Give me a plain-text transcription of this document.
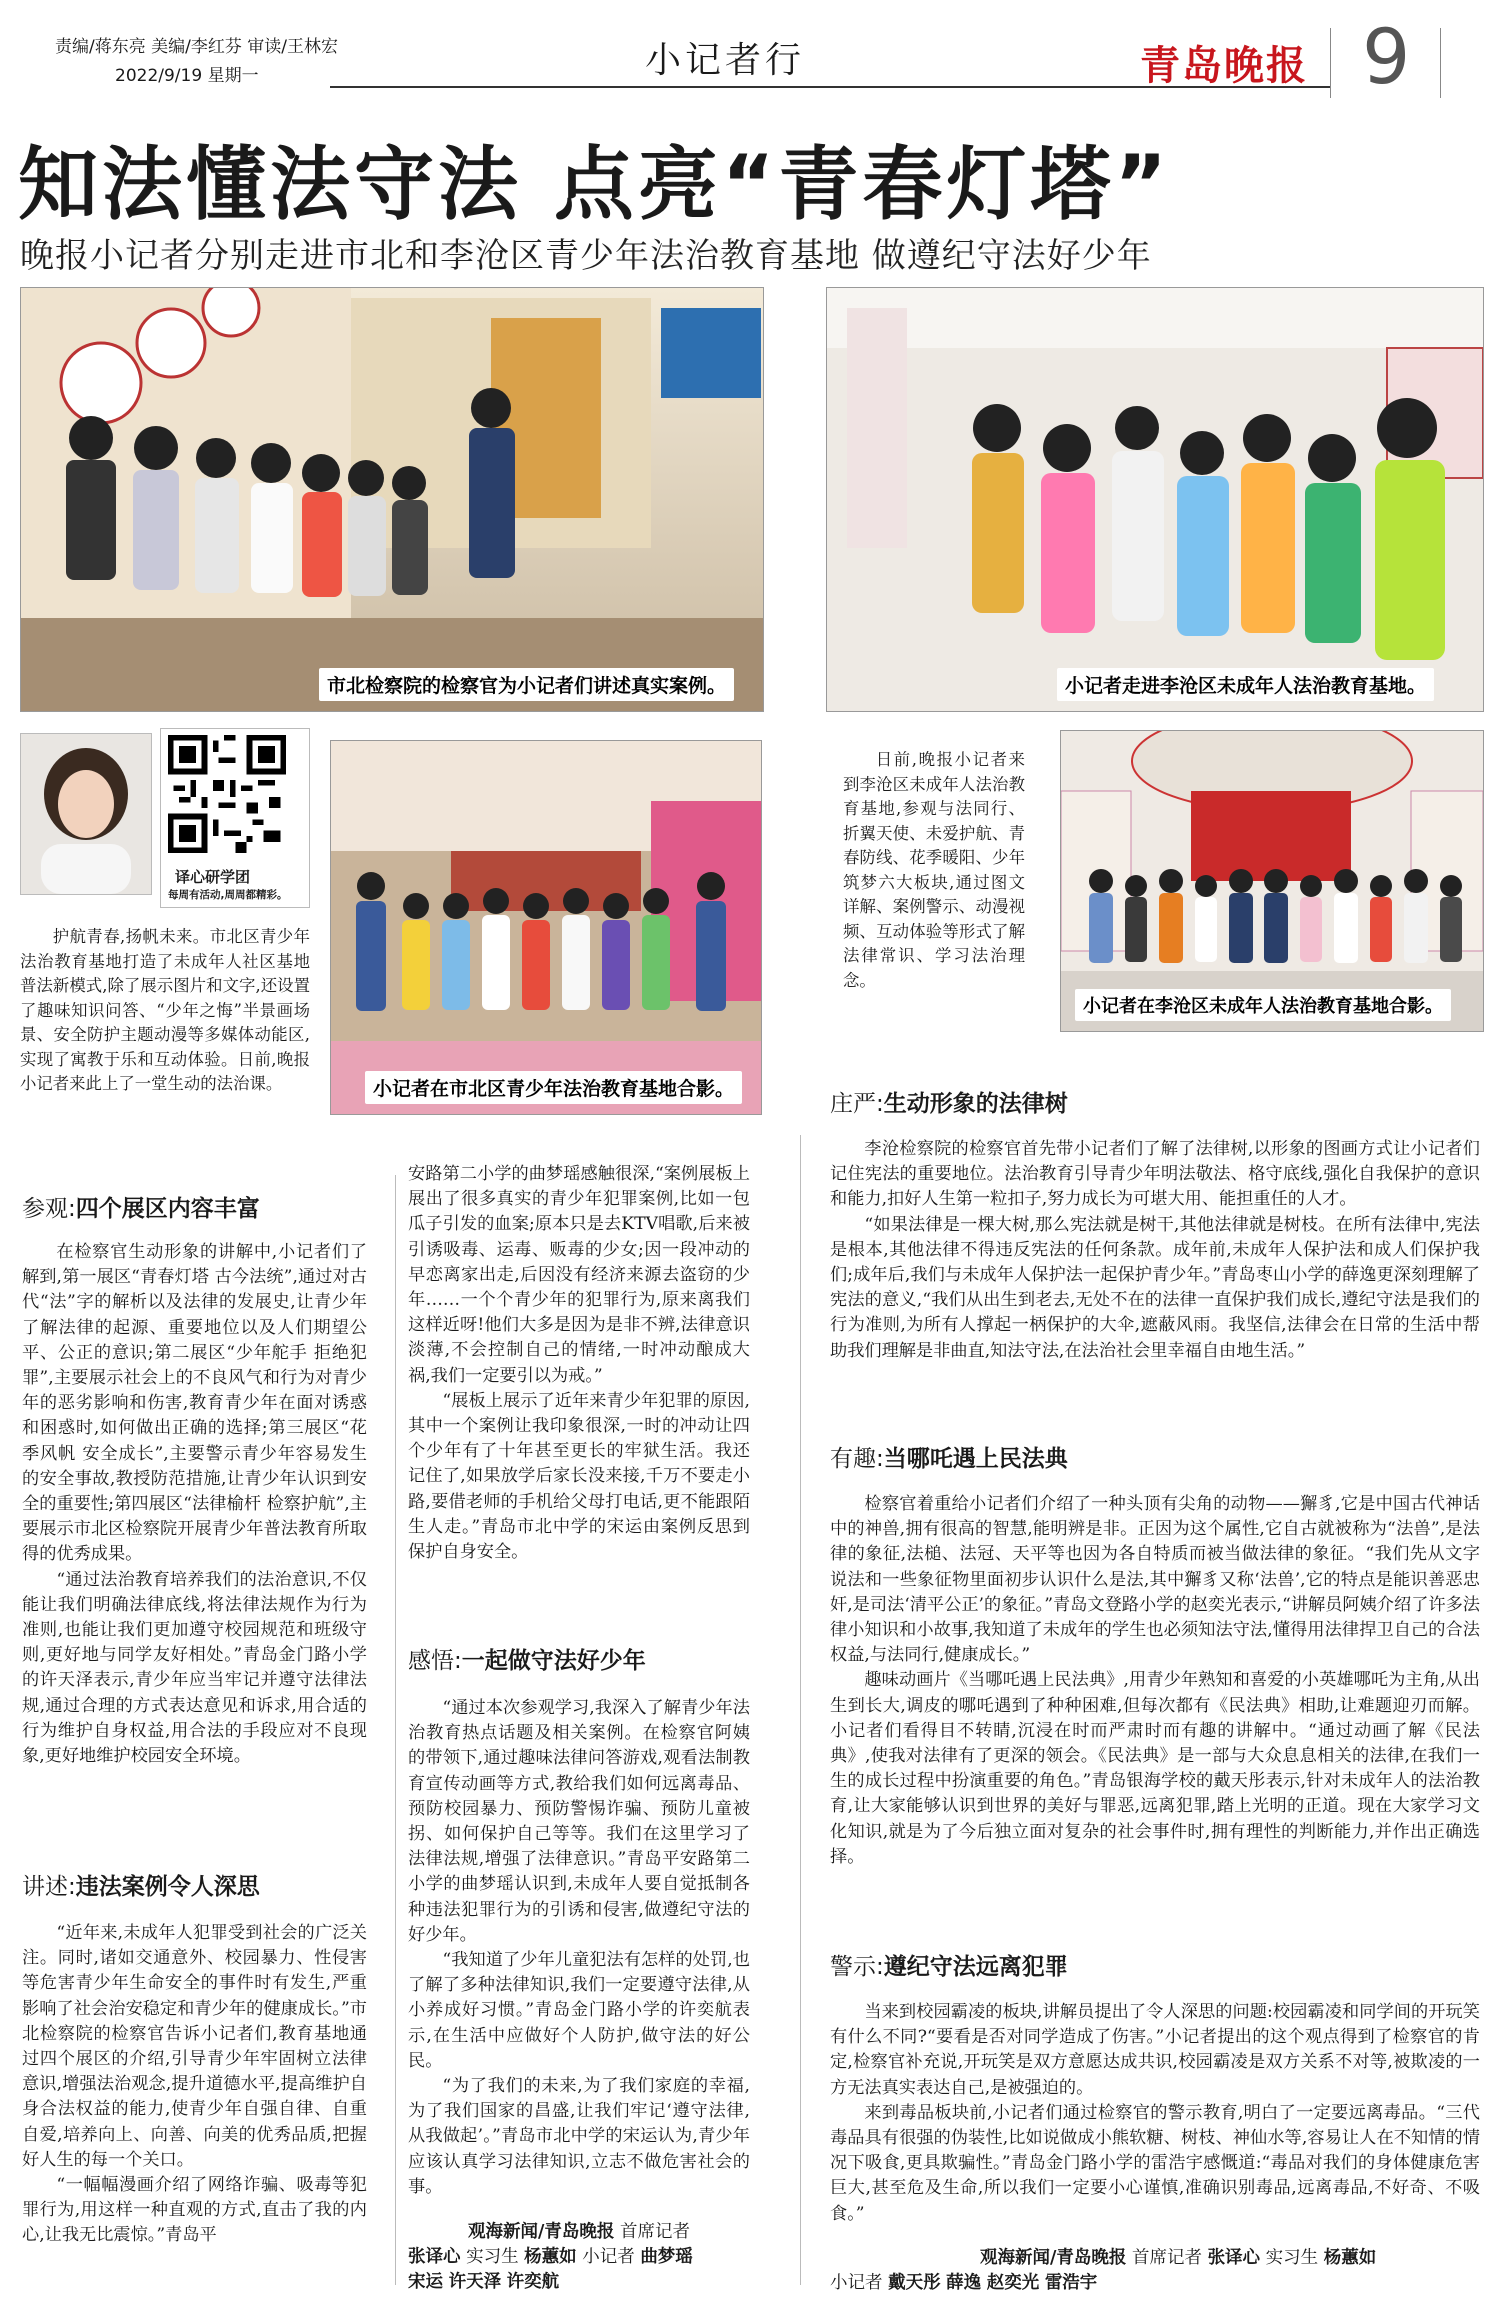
责编/蒋东亮 美编/李红芬 审读/王林宏
2022/9/19 星期一	小记者行	青岛晚报 9
知法懂法守法 点亮“青春灯塔”
晚报小记者分别走进市北和李沧区青少年法治教育基地 做遵纪守法好少年
市北检察院的检察官为小记者们讲述真实案例。	小记者走进李沧区未成年人法治教育基地。
译心研学团
每周有活动,周周都精彩。

护航青春,扬帆未来。市北区青少年法治教育基地打造了未成年人社区基地普法新模式,除了展示图片和文字,还设置了趣味知识问答、“少年之悔”半景画场景、安全防护主题动漫等多媒体动能区,实现了寓教于乐和互动体验。日前,晚报小记者来此上了一堂生动的法治课。	小记者在市北区青少年法治教育基地合影。

日前,晚报小记者来到李沧区未成年人法治教育基地,参观与法同行、折翼天使、未爱护航、青春防线、花季暖阳、少年筑梦六大板块,通过图文详解、案例警示、动漫视频、互动体验等形式了解法律常识、学习法治理念。

小记者在李沧区未成年人法治教育基地合影。
参观:四个展区内容丰富

在检察官生动形象的讲解中,小记者们了解到,第一展区“青春灯塔 古今法统”,通过对古代“法”字的解析以及法律的发展史,让青少年了解法律的起源、重要地位以及人们期望公平、公正的意识;第二展区“少年舵手 拒绝犯罪”,主要展示社会上的不良风气和行为对青少年的恶劣影响和伤害,教育青少年在面对诱惑和困惑时,如何做出正确的选择;第三展区“花季风帆 安全成长”,主要警示青少年容易发生的安全事故,教授防范措施,让青少年认识到安全的重要性;第四展区“法律榆杆 检察护航”,主要展示市北区检察院开展青少年普法教育所取得的优秀成果。

“通过法治教育培养我们的法治意识,不仅能让我们明确法律底线,将法律法规作为行为准则,也能让我们更加遵守校园规范和班级守则,更好地与同学友好相处。”青岛金门路小学的许天泽表示,青少年应当牢记并遵守法律法规,通过合理的方式表达意见和诉求,用合适的行为维护自身权益,用合法的手段应对不良现象,更好地维护校园安全环境。

讲述:违法案例令人深思

“近年来,未成年人犯罪受到社会的广泛关注。同时,诸如交通意外、校园暴力、性侵害等危害青少年生命安全的事件时有发生,严重影响了社会治安稳定和青少年的健康成长。”市北检察院的检察官告诉小记者们,教育基地通过四个展区的介绍,引导青少年牢固树立法律意识,增强法治观念,提升道德水平,提高维护自身合法权益的能力,使青少年自强自律、自重自爱,培养向上、向善、向美的优秀品质,把握好人生的每一个关口。

“一幅幅漫画介绍了网络诈骗、吸毒等犯罪行为,用这样一种直观的方式,直击了我的内心,让我无比震惊。”青岛平

安路第二小学的曲梦瑶感触很深,“案例展板上展出了很多真实的青少年犯罪案例,比如一包瓜子引发的血案;原本只是去KTV唱歌,后来被引诱吸毒、运毒、贩毒的少女;因一段冲动的早恋离家出走,后因没有经济来源去盗窃的少年……一个个青少年的犯罪行为,原来离我们这样近呀!他们大多是因为是非不辨,法律意识淡薄,不会控制自己的情绪,一时冲动酿成大祸,我们一定要引以为戒。”

“展板上展示了近年来青少年犯罪的原因,其中一个案例让我印象很深,一时的冲动让四个少年有了十年甚至更长的牢狱生活。我还记住了,如果放学后家长没来接,千万不要走小路,要借老师的手机给父母打电话,更不能跟陌生人走。”青岛市北中学的宋运由案例反思到保护自身安全。

感悟:一起做守法好少年

“通过本次参观学习,我深入了解青少年法治教育热点话题及相关案例。在检察官阿姨的带领下,通过趣味法律问答游戏,观看法制教育宣传动画等方式,教给我们如何远离毒品、预防校园暴力、预防警惕诈骗、预防儿童被拐、如何保护自己等等。我们在这里学习了法律法规,增强了法律意识。”青岛平安路第二小学的曲梦瑶认识到,未成年人要自觉抵制各种违法犯罪行为的引诱和侵害,做遵纪守法的好少年。

“我知道了少年儿童犯法有怎样的处罚,也了解了多种法律知识,我们一定要遵守法律,从小养成好习惯。”青岛金门路小学的许奕航表示,在生活中应做好个人防护,做守法的好公民。

“为了我们的未来,为了我们家庭的幸福,为了我们国家的昌盛,让我们牢记‘遵守法律,从我做起’。”青岛市北中学的宋运认为,青少年应该认真学习法律知识,立志不做危害社会的事。

观海新闻/青岛晚报 首席记者
张译心 实习生 杨蕙如 小记者 曲梦瑶
宋运 许天泽 许奕航
庄严:生动形象的法律树

李沧检察院的检察官首先带小记者们了解了法律树,以形象的图画方式让小记者们记住宪法的重要地位。法治教育引导青少年明法敬法、格守底线,强化自我保护的意识和能力,扣好人生第一粒扣子,努力成长为可堪大用、能担重任的人才。

“如果法律是一棵大树,那么宪法就是树干,其他法律就是树枝。在所有法律中,宪法是根本,其他法律不得违反宪法的任何条款。成年前,未成年人保护法和成人们保护我们;成年后,我们与未成年人保护法一起保护青少年。”青岛枣山小学的薛逸更深刻理解了宪法的意义,“我们从出生到老去,无处不在的法律一直保护我们成长,遵纪守法是我们的行为准则,为所有人撑起一柄保护的大伞,遮蔽风雨。我坚信,法律会在日常的生活中帮助我们理解是非曲直,知法守法,在法治社会里幸福自由地生活。”

有趣:当哪吒遇上民法典

检察官着重给小记者们介绍了一种头顶有尖角的动物——獬豸,它是中国古代神话中的神兽,拥有很高的智慧,能明辨是非。正因为这个属性,它自古就被称为“法兽”,是法律的象征,法槌、法冠、天平等也因为各自特质而被当做法律的象征。“我们先从文字说法和一些象征物里面初步认识什么是法,其中獬豸又称‘法兽’,它的特点是能识善恶忠奸,是司法‘清平公正’的象征。”青岛文登路小学的赵奕光表示,“讲解员阿姨介绍了许多法律小知识和小故事,我知道了未成年的学生也必须知法守法,懂得用法律捍卫自己的合法权益,与法同行,健康成长。”

趣味动画片《当哪吒遇上民法典》,用青少年熟知和喜爱的小英雄哪吒为主角,从出生到长大,调皮的哪吒遇到了种种困难,但每次都有《民法典》相助,让难题迎刃而解。小记者们看得目不转睛,沉浸在时而严肃时而有趣的讲解中。“通过动画了解《民法典》,使我对法律有了更深的领会。《民法典》是一部与大众息息相关的法律,在我们一生的成长过程中扮演重要的角色。”青岛银海学校的戴天彤表示,针对未成年人的法治教育,让大家能够认识到世界的美好与罪恶,远离犯罪,踏上光明的正道。现在大家学习文化知识,就是为了今后独立面对复杂的社会事件时,拥有理性的判断能力,并作出正确选择。

警示:遵纪守法远离犯罪

当来到校园霸凌的板块,讲解员提出了令人深思的问题:校园霸凌和同学间的开玩笑有什么不同?“要看是否对同学造成了伤害。”小记者提出的这个观点得到了检察官的肯定,检察官补充说,开玩笑是双方意愿达成共识,校园霸凌是双方关系不对等,被欺凌的一方无法真实表达自己,是被强迫的。

来到毒品板块前,小记者们通过检察官的警示教育,明白了一定要远离毒品。“三代毒品具有很强的伪装性,比如说做成小熊软糖、树枝、神仙水等,容易让人在不知情的情况下吸食,更具欺骗性。”青岛金门路小学的雷浩宇感慨道:“毒品对我们的身体健康危害巨大,甚至危及生命,所以我们一定要小心谨慎,准确识别毒品,远离毒品,不好奇、不吸食。”

观海新闻/青岛晚报 首席记者 张译心 实习生 杨蕙如
小记者 戴天彤 薛逸 赵奕光 雷浩宇
